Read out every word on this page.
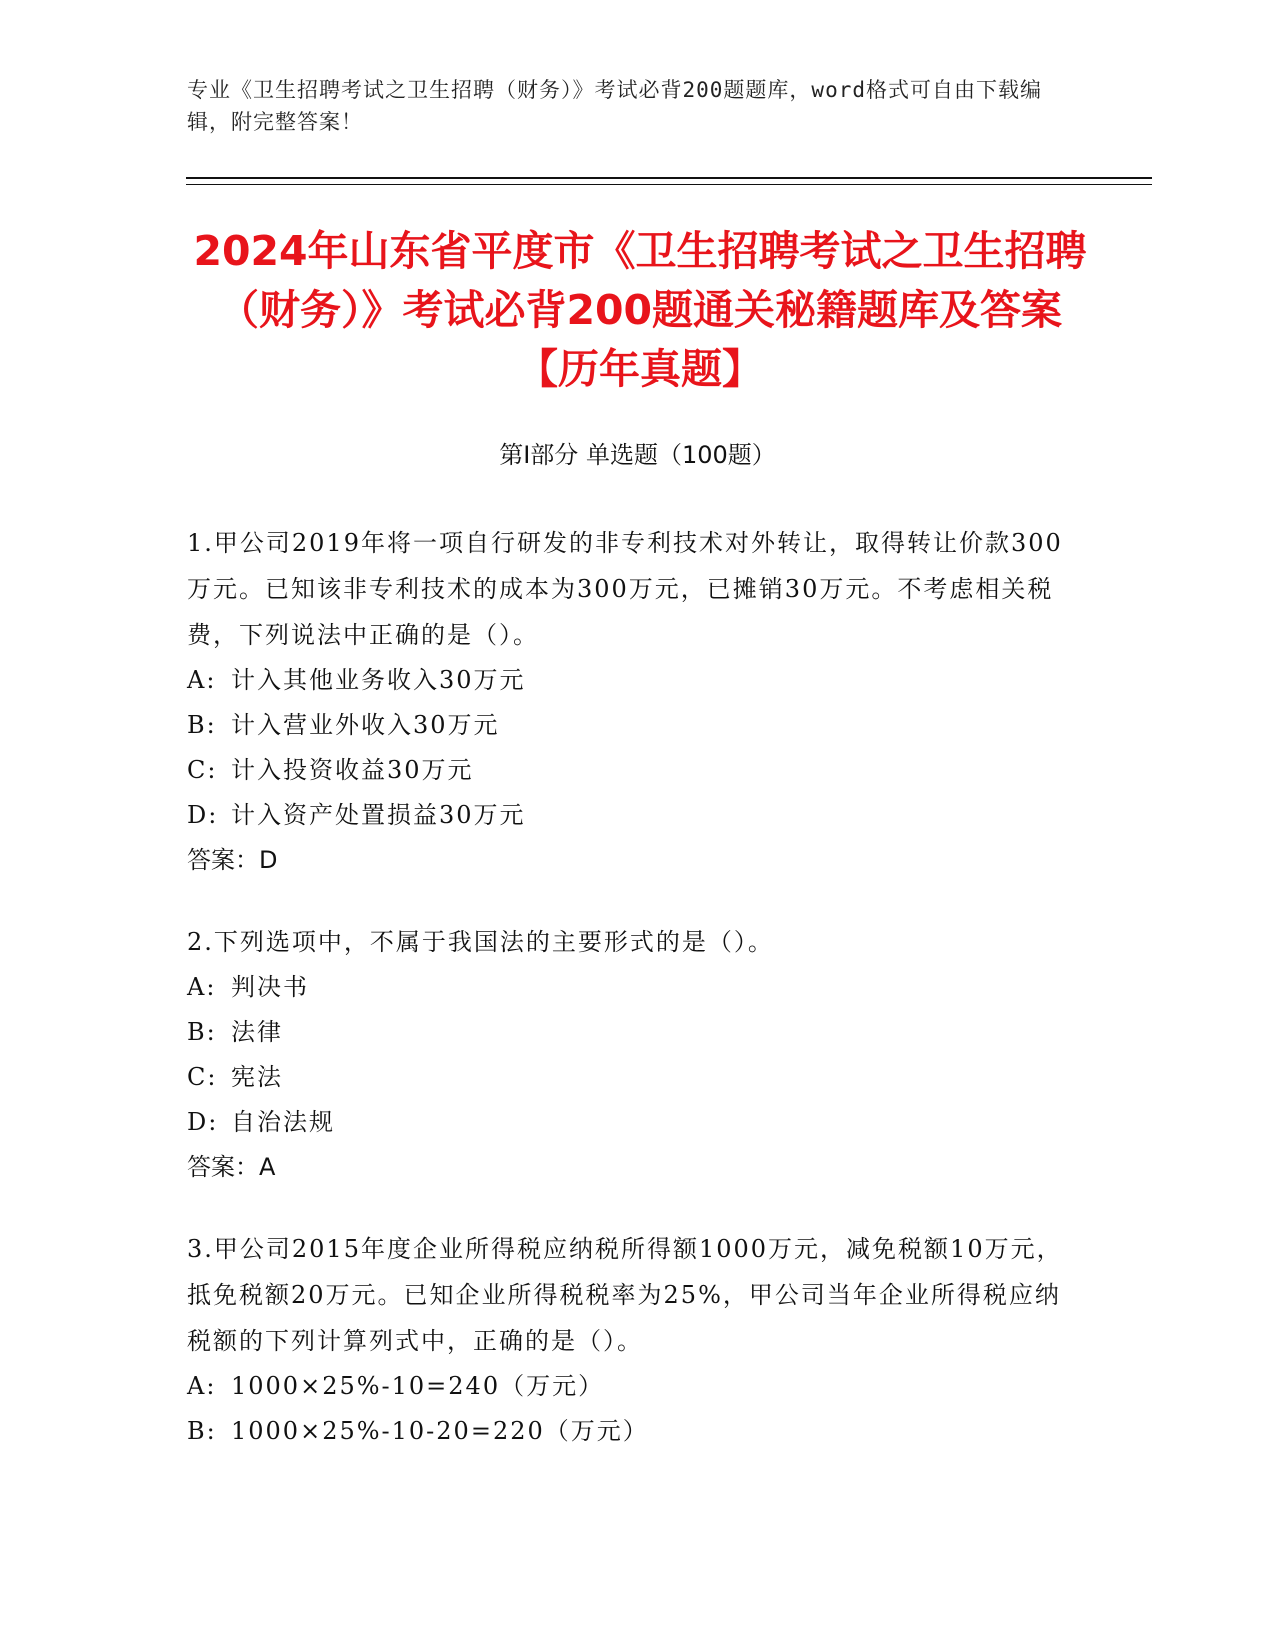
专业《卫生招聘考试之卫生招聘（财务）》考试必背200题题库，word格式可自由下载编辑，附完整答案！
2024年山东省平度市《卫生招聘考试之卫生招聘（财务）》考试必背200题通关秘籍题库及答案【历年真题】
第I部分 单选题（100题）
1.甲公司2019年将一项自行研发的非专利技术对外转让，取得转让价款300万元。已知该非专利技术的成本为300万元，已摊销30万元。不考虑相关税费，下列说法中正确的是（）。
A: 计入其他业务收入30万元
B: 计入营业外收入30万元
C: 计入投资收益30万元
D: 计入资产处置损益30万元
答案：D
2.下列选项中，不属于我国法的主要形式的是（）。
A: 判决书
B: 法律
C: 宪法
D: 自治法规
答案：A
3.甲公司2015年度企业所得税应纳税所得额1000万元，减免税额10万元，抵免税额20万元。已知企业所得税税率为25%，甲公司当年企业所得税应纳税额的下列计算列式中，正确的是（）。
A: 1000×25%-10=240（万元）
B: 1000×25%-10-20=220（万元）
